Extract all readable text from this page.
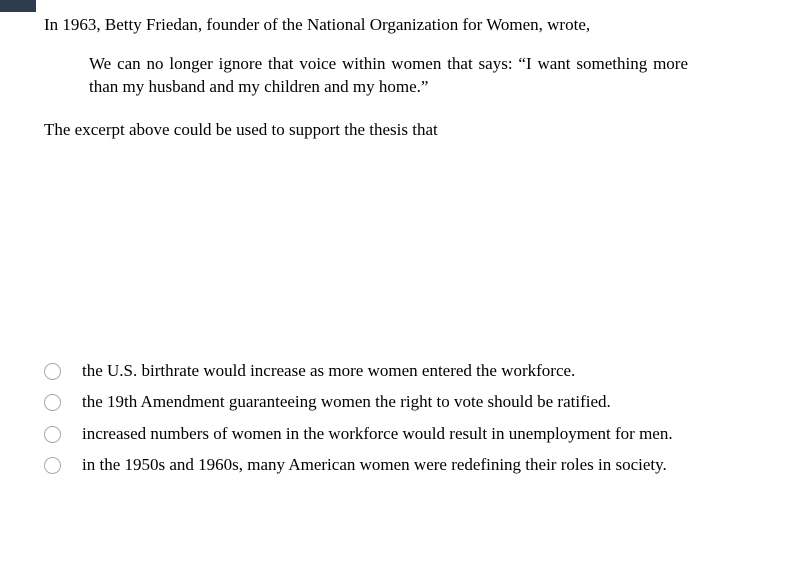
In 1963, Betty Friedan, founder of the National Organization for Women, wrote,

We can no longer ignore that voice within women that says: “I want something more than my husband and my children and my home.”

The excerpt above could be used to support the thesis that

the U.S. birthrate would increase as more women entered the workforce.
the 19th Amendment guaranteeing women the right to vote should be ratified.
increased numbers of women in the workforce would result in unemployment for men.
in the 1950s and 1960s, many American women were redefining their roles in society.
